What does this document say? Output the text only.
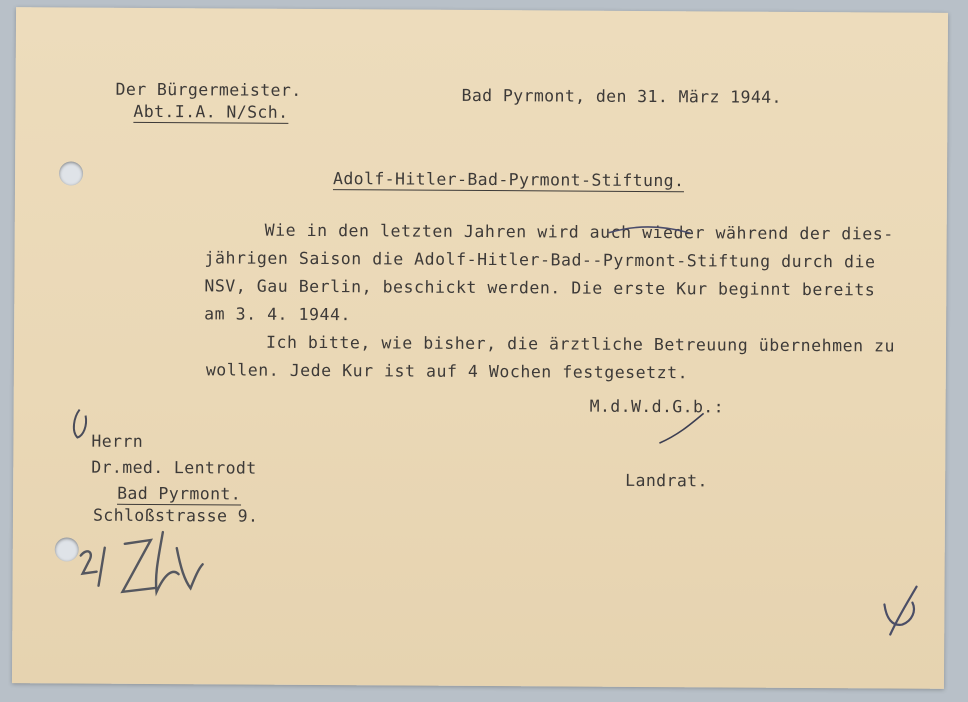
Der Bürgermeister.
Abt.I.A. N/Sch.
Bad Pyrmont, den 31. März 1944.
Adolf-Hitler-Bad-Pyrmont-Stiftung.
Wie in den letzten Jahren wird auch wieder während der dies-
jährigen Saison die Adolf-Hitler-Bad--Pyrmont-Stiftung durch die
NSV, Gau Berlin, beschickt werden. Die erste Kur beginnt bereits
am 3. 4. 1944.
Ich bitte, wie bisher, die ärztliche Betreuung übernehmen zu
wollen. Jede Kur ist auf 4 Wochen festgesetzt.
M.d.W.d.G.b.:
Landrat.
Herrn
Dr.med. Lentrodt
Bad Pyrmont.
Schloßstrasse 9.
